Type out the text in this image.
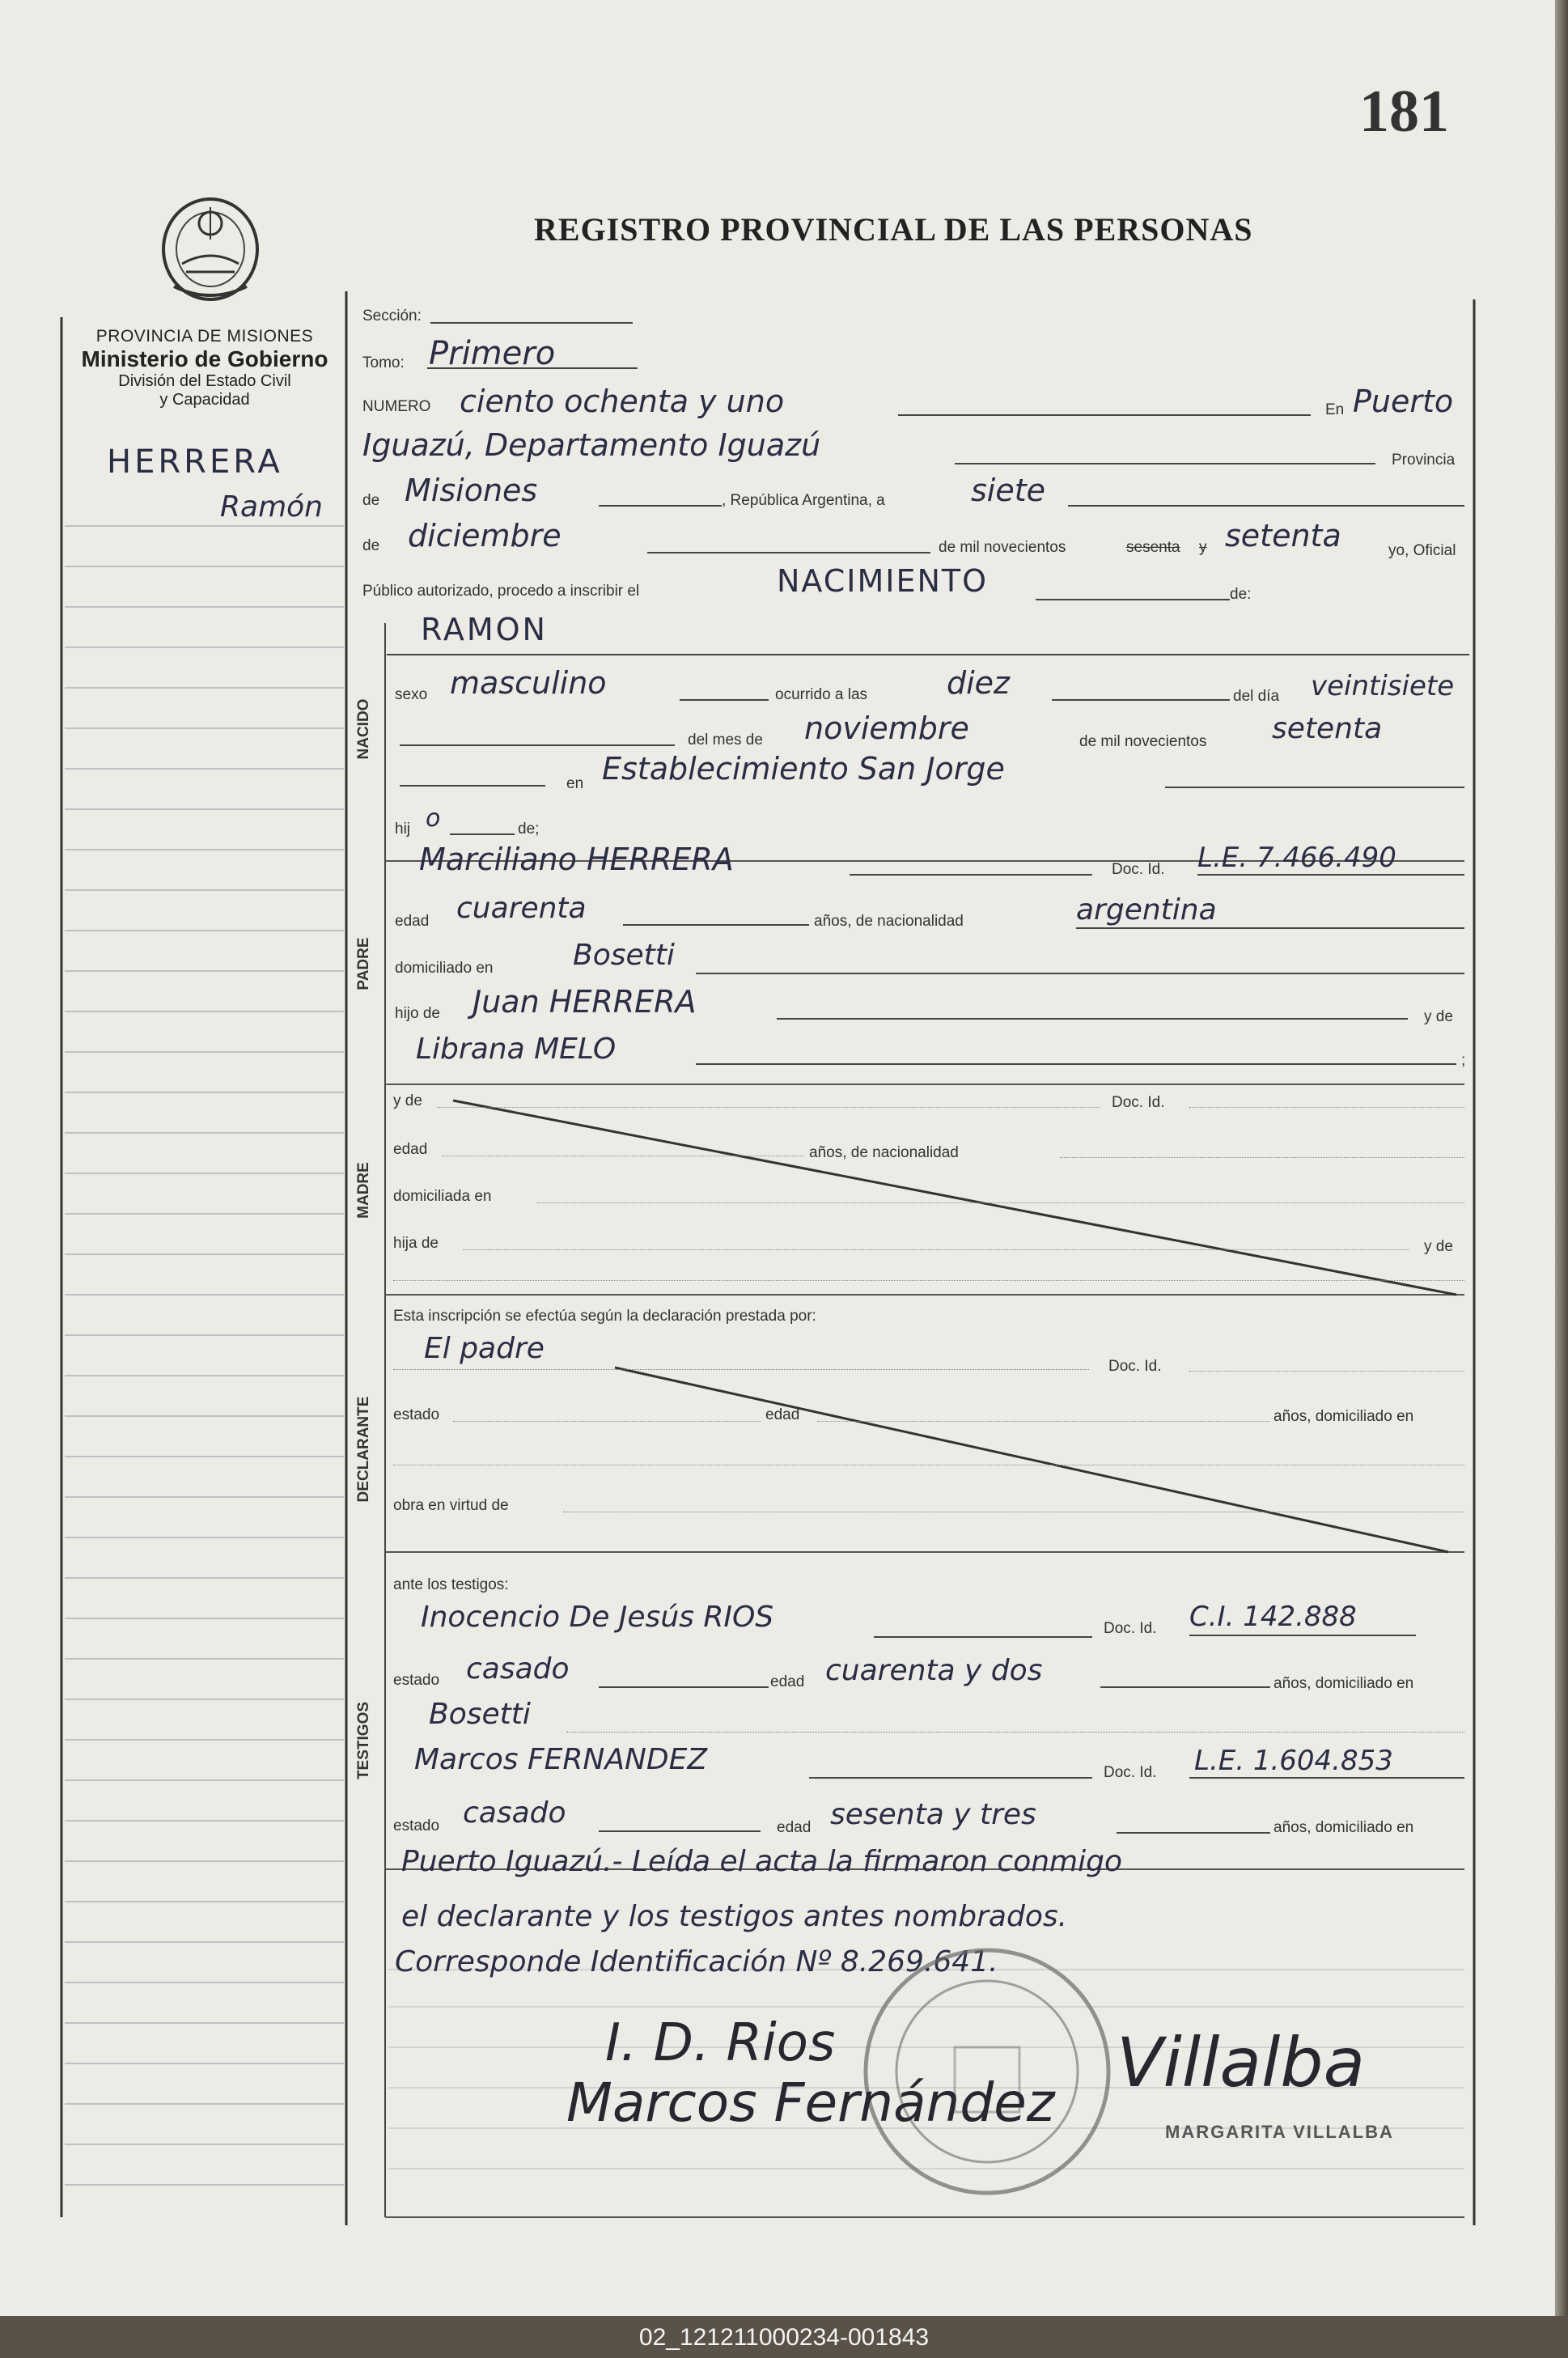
181
REGISTRO PROVINCIAL DE LAS PERSONAS
PROVINCIA DE MISIONES
Ministerio de Gobierno
División del Estado Civil
y Capacidad
HERRERA
Ramón
Sección:
Tomo: Primero
NUMERO ciento ochenta y uno	En Puerto
Iguazú, Departamento Iguazú	Provincia
de Misiones	, República Argentina, a	siete
de diciembre	de mil novecientos	sesenta y setenta	yo, Oficial
Público autorizado, procedo a inscribir el	NACIMIENTO	de:
NACIDO
RAMON
sexo masculino	ocurrido a las	diez	del día veintisiete
del mes de noviembre	de mil novecientos setenta
en Establecimiento San Jorge
hij o	de;
PADRE
Marciliano HERRERA	Doc. Id. L.E. 7.466.490
edad cuarenta	años, de nacionalidad	argentina
domiciliado en	Bosetti
hijo de Juan HERRERA	y de
Librana MELO	;
MADRE
y de	Doc. Id.
edad	años, de nacionalidad
domiciliada en
hija de	y de
DECLARANTE
Esta inscripción se efectúa según la declaración prestada por:
El padre
Doc. Id.
estado	edad	años, domiciliado en
obra en virtud de
TESTIGOS
ante los testigos:
Inocencio De Jesús RIOS	Doc. Id. C.I. 142.888
estado casado	edad cuarenta y dos	años, domiciliado en
Bosetti
Marcos FERNANDEZ	Doc. Id. L.E. 1.604.853
estado casado	edad sesenta y tres	años, domiciliado en
Puerto Iguazú.- Leída el acta la firmaron conmigo
el declarante y los testigos antes nombrados.
Corresponde Identificación Nº 8.269.641.
I. D. Rios
Marcos Fernández
Villalba
MARGARITA VILLALBA
02_121211000234-001843
